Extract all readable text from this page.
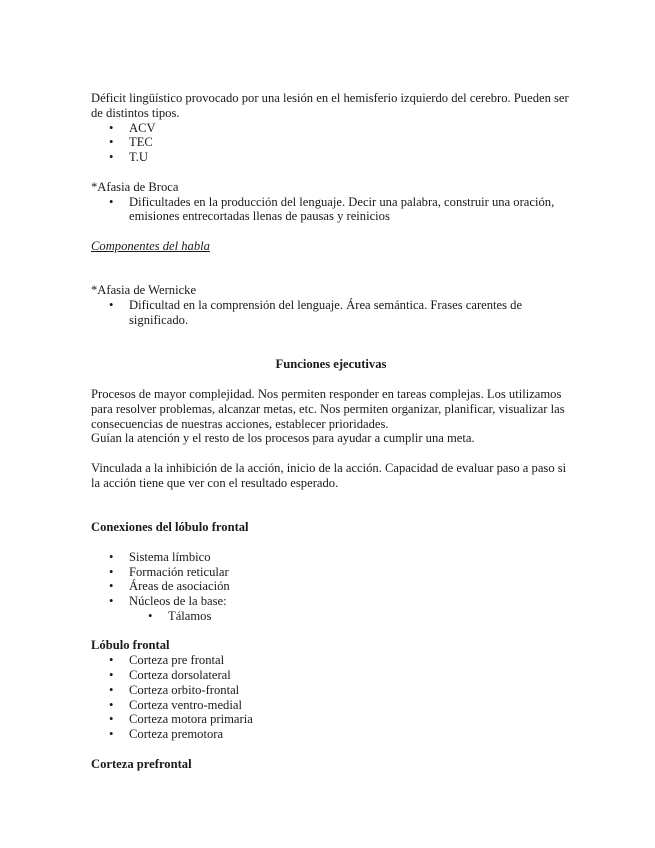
Déficit lingüístico provocado por una lesión en el hemisferio izquierdo del cerebro. Pueden ser de distintos tipos.

• ACV
• TEC
• T.U

*Afasia de Broca

• Dificultades en la producción del lenguaje. Decir una palabra, construir una oración, emisiones entrecortadas llenas de pausas y reinicios

Componentes del habla

*Afasia de Wernicke

• Dificultad en la comprensión del lenguaje. Área semántica. Frases carentes de significado.

Funciones ejecutivas

Procesos de mayor complejidad. Nos permiten responder en tareas complejas. Los utilizamos para resolver problemas, alcanzar metas, etc. Nos permiten organizar, planificar, visualizar las consecuencias de nuestras acciones, establecer prioridades.

Guían la atención y el resto de los procesos para ayudar a cumplir una meta.

Vinculada a la inhibición de la acción, inicio de la acción. Capacidad de evaluar paso a paso si la acción tiene que ver con el resultado esperado.

Conexiones del lóbulo frontal

• Sistema límbico
• Formación reticular
• Áreas de asociación
• Núcleos de la base:
• Tálamos

Lóbulo frontal

• Corteza pre frontal
• Corteza dorsolateral
• Corteza orbito-frontal
• Corteza ventro-medial
• Corteza motora primaria
• Corteza premotora

Corteza prefrontal
